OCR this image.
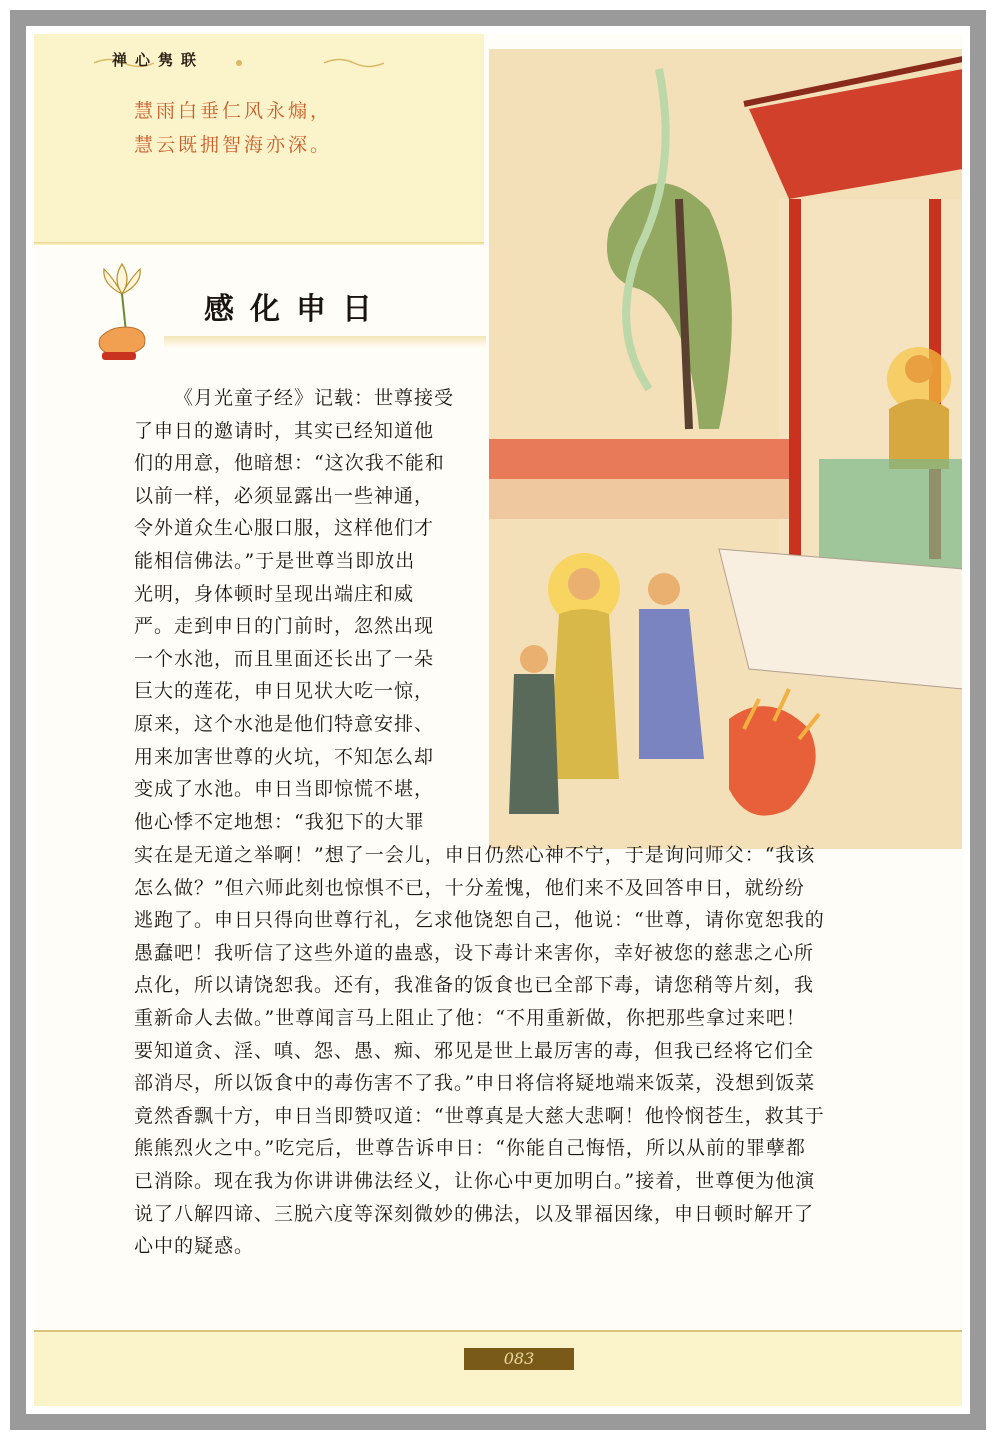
禅心隽联
慧雨白垂仁风永煽，
慧云既拥智海亦深。
感化申日
《月光童子经》记载：世尊接受
了申日的邀请时，其实已经知道他
们的用意，他暗想：“这次我不能和
以前一样，必须显露出一些神通，
令外道众生心服口服，这样他们才
能相信佛法。”于是世尊当即放出
光明，身体顿时呈现出端庄和威
严。走到申日的门前时，忽然出现
一个水池，而且里面还长出了一朵
巨大的莲花，申日见状大吃一惊，
原来，这个水池是他们特意安排、
用来加害世尊的火坑，不知怎么却
变成了水池。申日当即惊慌不堪，
他心悸不定地想：“我犯下的大罪
实在是无道之举啊！”想了一会儿，申日仍然心神不宁，于是询问师父：“我该
怎么做？”但六师此刻也惊惧不已，十分羞愧，他们来不及回答申日，就纷纷
逃跑了。申日只得向世尊行礼，乞求他饶恕自己，他说：“世尊，请你宽恕我的
愚蠢吧！我听信了这些外道的蛊惑，设下毒计来害你，幸好被您的慈悲之心所
点化，所以请饶恕我。还有，我准备的饭食也已全部下毒，请您稍等片刻，我
重新命人去做。”世尊闻言马上阻止了他：“不用重新做，你把那些拿过来吧！
要知道贪、淫、嗔、怨、愚、痴、邪见是世上最厉害的毒，但我已经将它们全
部消尽，所以饭食中的毒伤害不了我。”申日将信将疑地端来饭菜，没想到饭菜
竟然香飘十方，申日当即赞叹道：“世尊真是大慈大悲啊！他怜悯苍生，救其于
熊熊烈火之中。”吃完后，世尊告诉申日：“你能自己悔悟，所以从前的罪孽都
已消除。现在我为你讲讲佛法经义，让你心中更加明白。”接着，世尊便为他演
说了八解四谛、三脱六度等深刻微妙的佛法，以及罪福因缘，申日顿时解开了
心中的疑惑。
083
